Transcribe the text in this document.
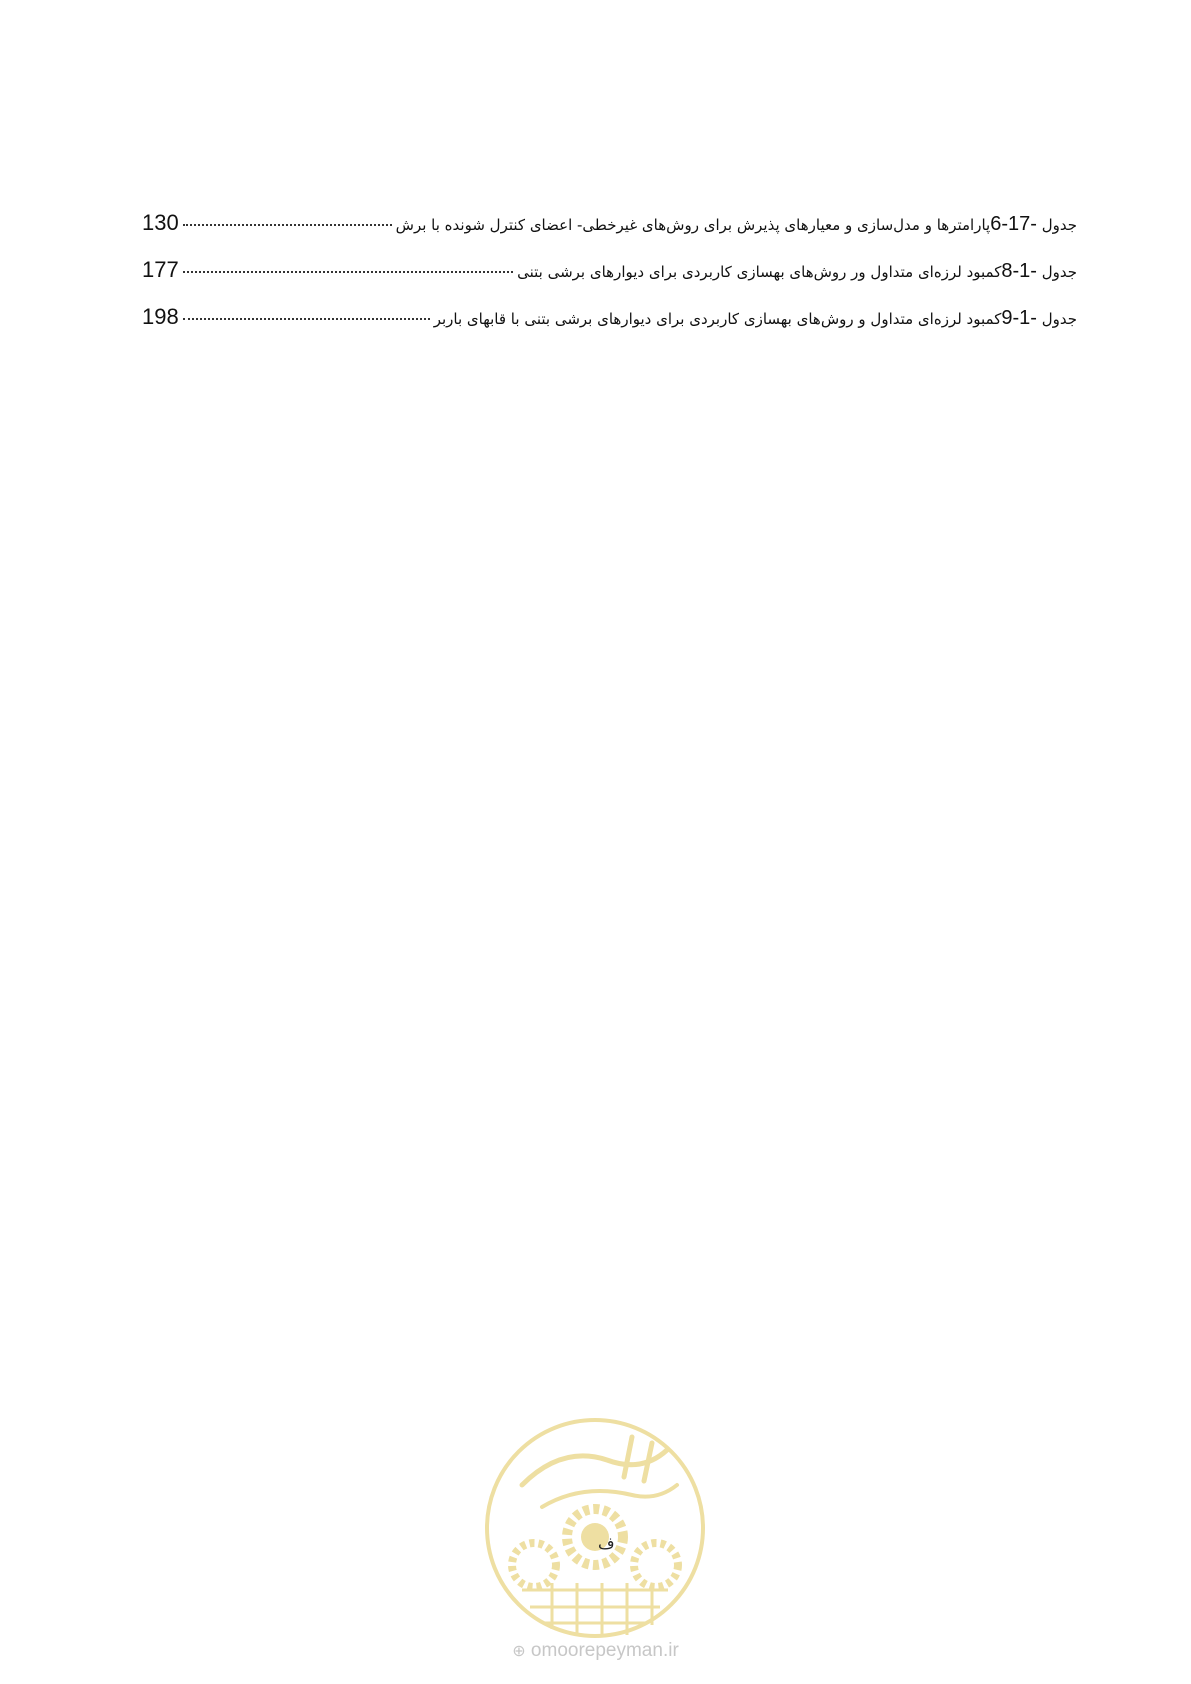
جدول 6-17-
پارامترها و مدل‌سازی و معیارهای پذیرش برای روش‌های غیرخطی- اعضای کنترل شونده با برش
130
جدول 8-1-
کمبود لرزه‌ای متداول ور روش‌های بهسازی کاربردی برای دیوارهای برشی بتنی
177
جدول 9-1-
کمبود لرزه‌ای متداول و روش‌های بهسازی کاربردی برای دیوارهای برشی بتنی با قابهای باربر
198
ف
⊕ omoorepeyman.ir
